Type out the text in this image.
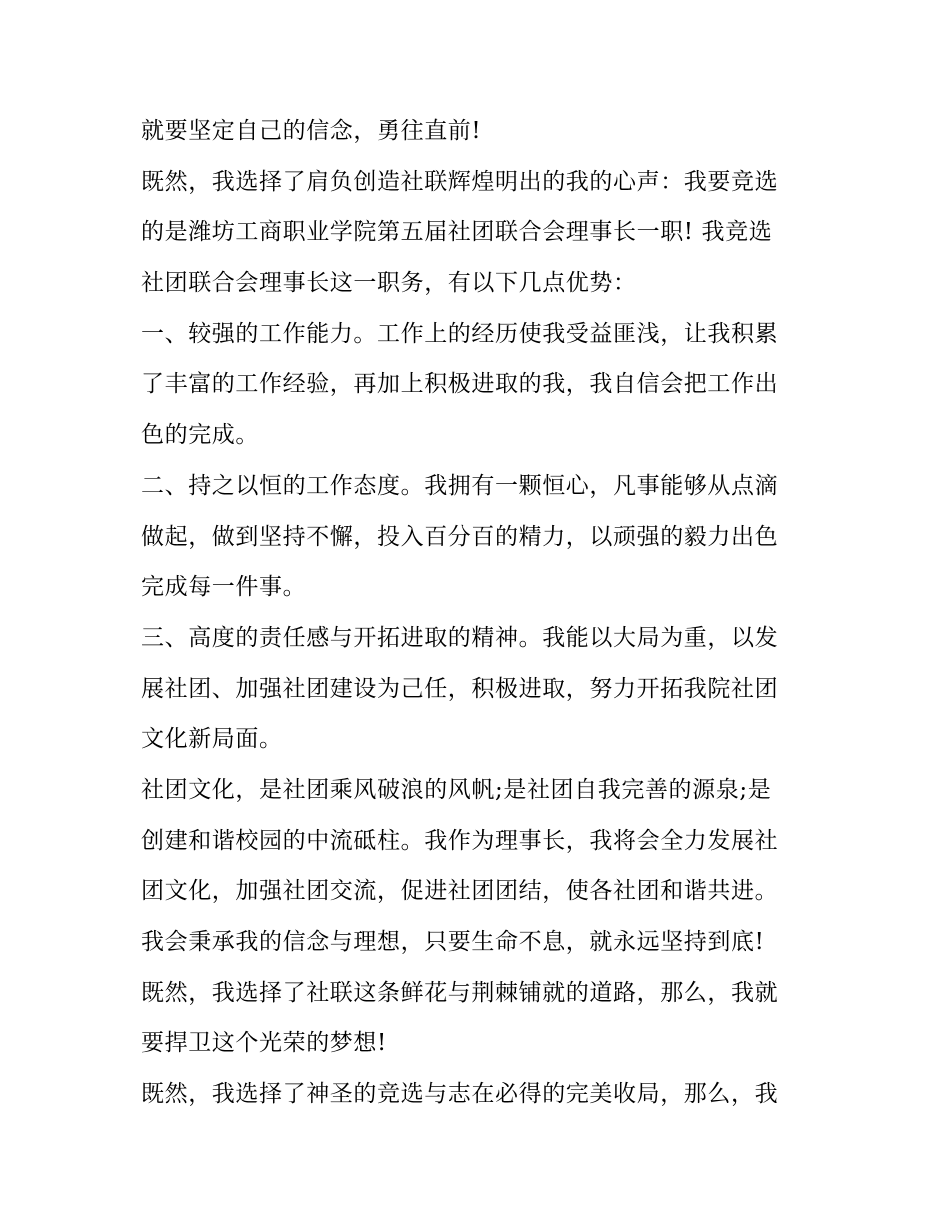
就要坚定自己的信念，勇往直前!
既然，我选择了肩负创造社联辉煌明出的我的心声：我要竞选
的是潍坊工商职业学院第五届社团联合会理事长一职! 我竞选
社团联合会理事长这一职务，有以下几点优势：
一、较强的工作能力。工作上的经历使我受益匪浅，让我积累
了丰富的工作经验，再加上积极进取的我，我自信会把工作出
色的完成。
二、持之以恒的工作态度。我拥有一颗恒心，凡事能够从点滴
做起，做到坚持不懈，投入百分百的精力，以顽强的毅力出色
完成每一件事。
三、高度的责任感与开拓进取的精神。我能以大局为重，以发
展社团、加强社团建设为己任，积极进取，努力开拓我院社团
文化新局面。
社团文化，是社团乘风破浪的风帆;是社团自我完善的源泉;是
创建和谐校园的中流砥柱。我作为理事长，我将会全力发展社
团文化，加强社团交流，促进社团团结，使各社团和谐共进。
我会秉承我的信念与理想，只要生命不息，就永远坚持到底!
既然，我选择了社联这条鲜花与荆棘铺就的道路，那么，我就
要捍卫这个光荣的梦想!
既然，我选择了神圣的竞选与志在必得的完美收局，那么，我
